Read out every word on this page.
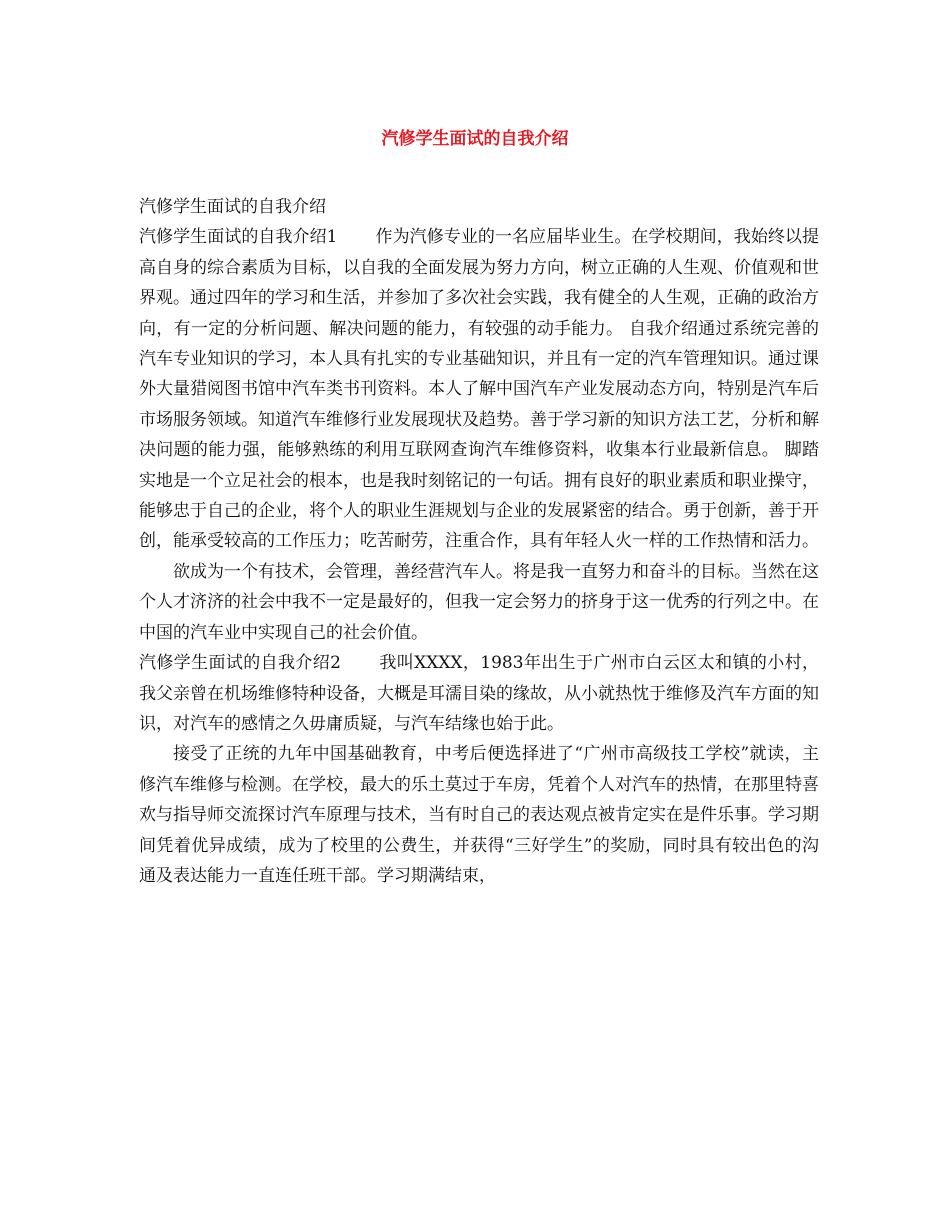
汽修学生面试的自我介绍

汽修学生面试的自我介绍

汽修学生面试的自我介绍1 作为汽修专业的一名应届毕业生。在学校期间，我始终以提高自身的综合素质为目标，以自我的全面发展为努力方向，树立正确的人生观、价值观和世界观。通过四年的学习和生活，并参加了多次社会实践，我有健全的人生观，正确的政治方向，有一定的分析问题、解决问题的能力，有较强的动手能力。 自我介绍通过系统完善的汽车专业知识的学习，本人具有扎实的专业基础知识，并且有一定的汽车管理知识。通过课外大量猎阅图书馆中汽车类书刊资料。本人了解中国汽车产业发展动态方向，特别是汽车后市场服务领域。知道汽车维修行业发展现状及趋势。善于学习新的知识方法工艺，分析和解决问题的能力强，能够熟练的利用互联网查询汽车维修资料，收集本行业最新信息。 脚踏实地是一个立足社会的根本，也是我时刻铭记的一句话。拥有良好的职业素质和职业操守，能够忠于自己的企业，将个人的职业生涯规划与企业的发展紧密的结合。勇于创新，善于开创，能承受较高的工作压力；吃苦耐劳，注重合作，具有年轻人火一样的工作热情和活力。

欲成为一个有技术，会管理，善经营汽车人。将是我一直努力和奋斗的目标。当然在这个人才济济的社会中我不一定是最好的，但我一定会努力的挤身于这一优秀的行列之中。在中国的汽车业中实现自己的社会价值。

汽修学生面试的自我介绍2 我叫XXXX，1983年出生于广州市白云区太和镇的小村，我父亲曾在机场维修特种设备，大概是耳濡目染的缘故，从小就热忱于维修及汽车方面的知识，对汽车的感情之久毋庸质疑，与汽车结缘也始于此。

接受了正统的九年中国基础教育，中考后便选择进了“广州市高级技工学校”就读，主修汽车维修与检测。在学校，最大的乐土莫过于车房，凭着个人对汽车的热情，在那里特喜欢与指导师交流探讨汽车原理与技术，当有时自己的表达观点被肯定实在是件乐事。学习期间凭着优异成绩，成为了校里的公费生，并获得“三好学生”的奖励，同时具有较出色的沟通及表达能力一直连任班干部。学习期满结束，
